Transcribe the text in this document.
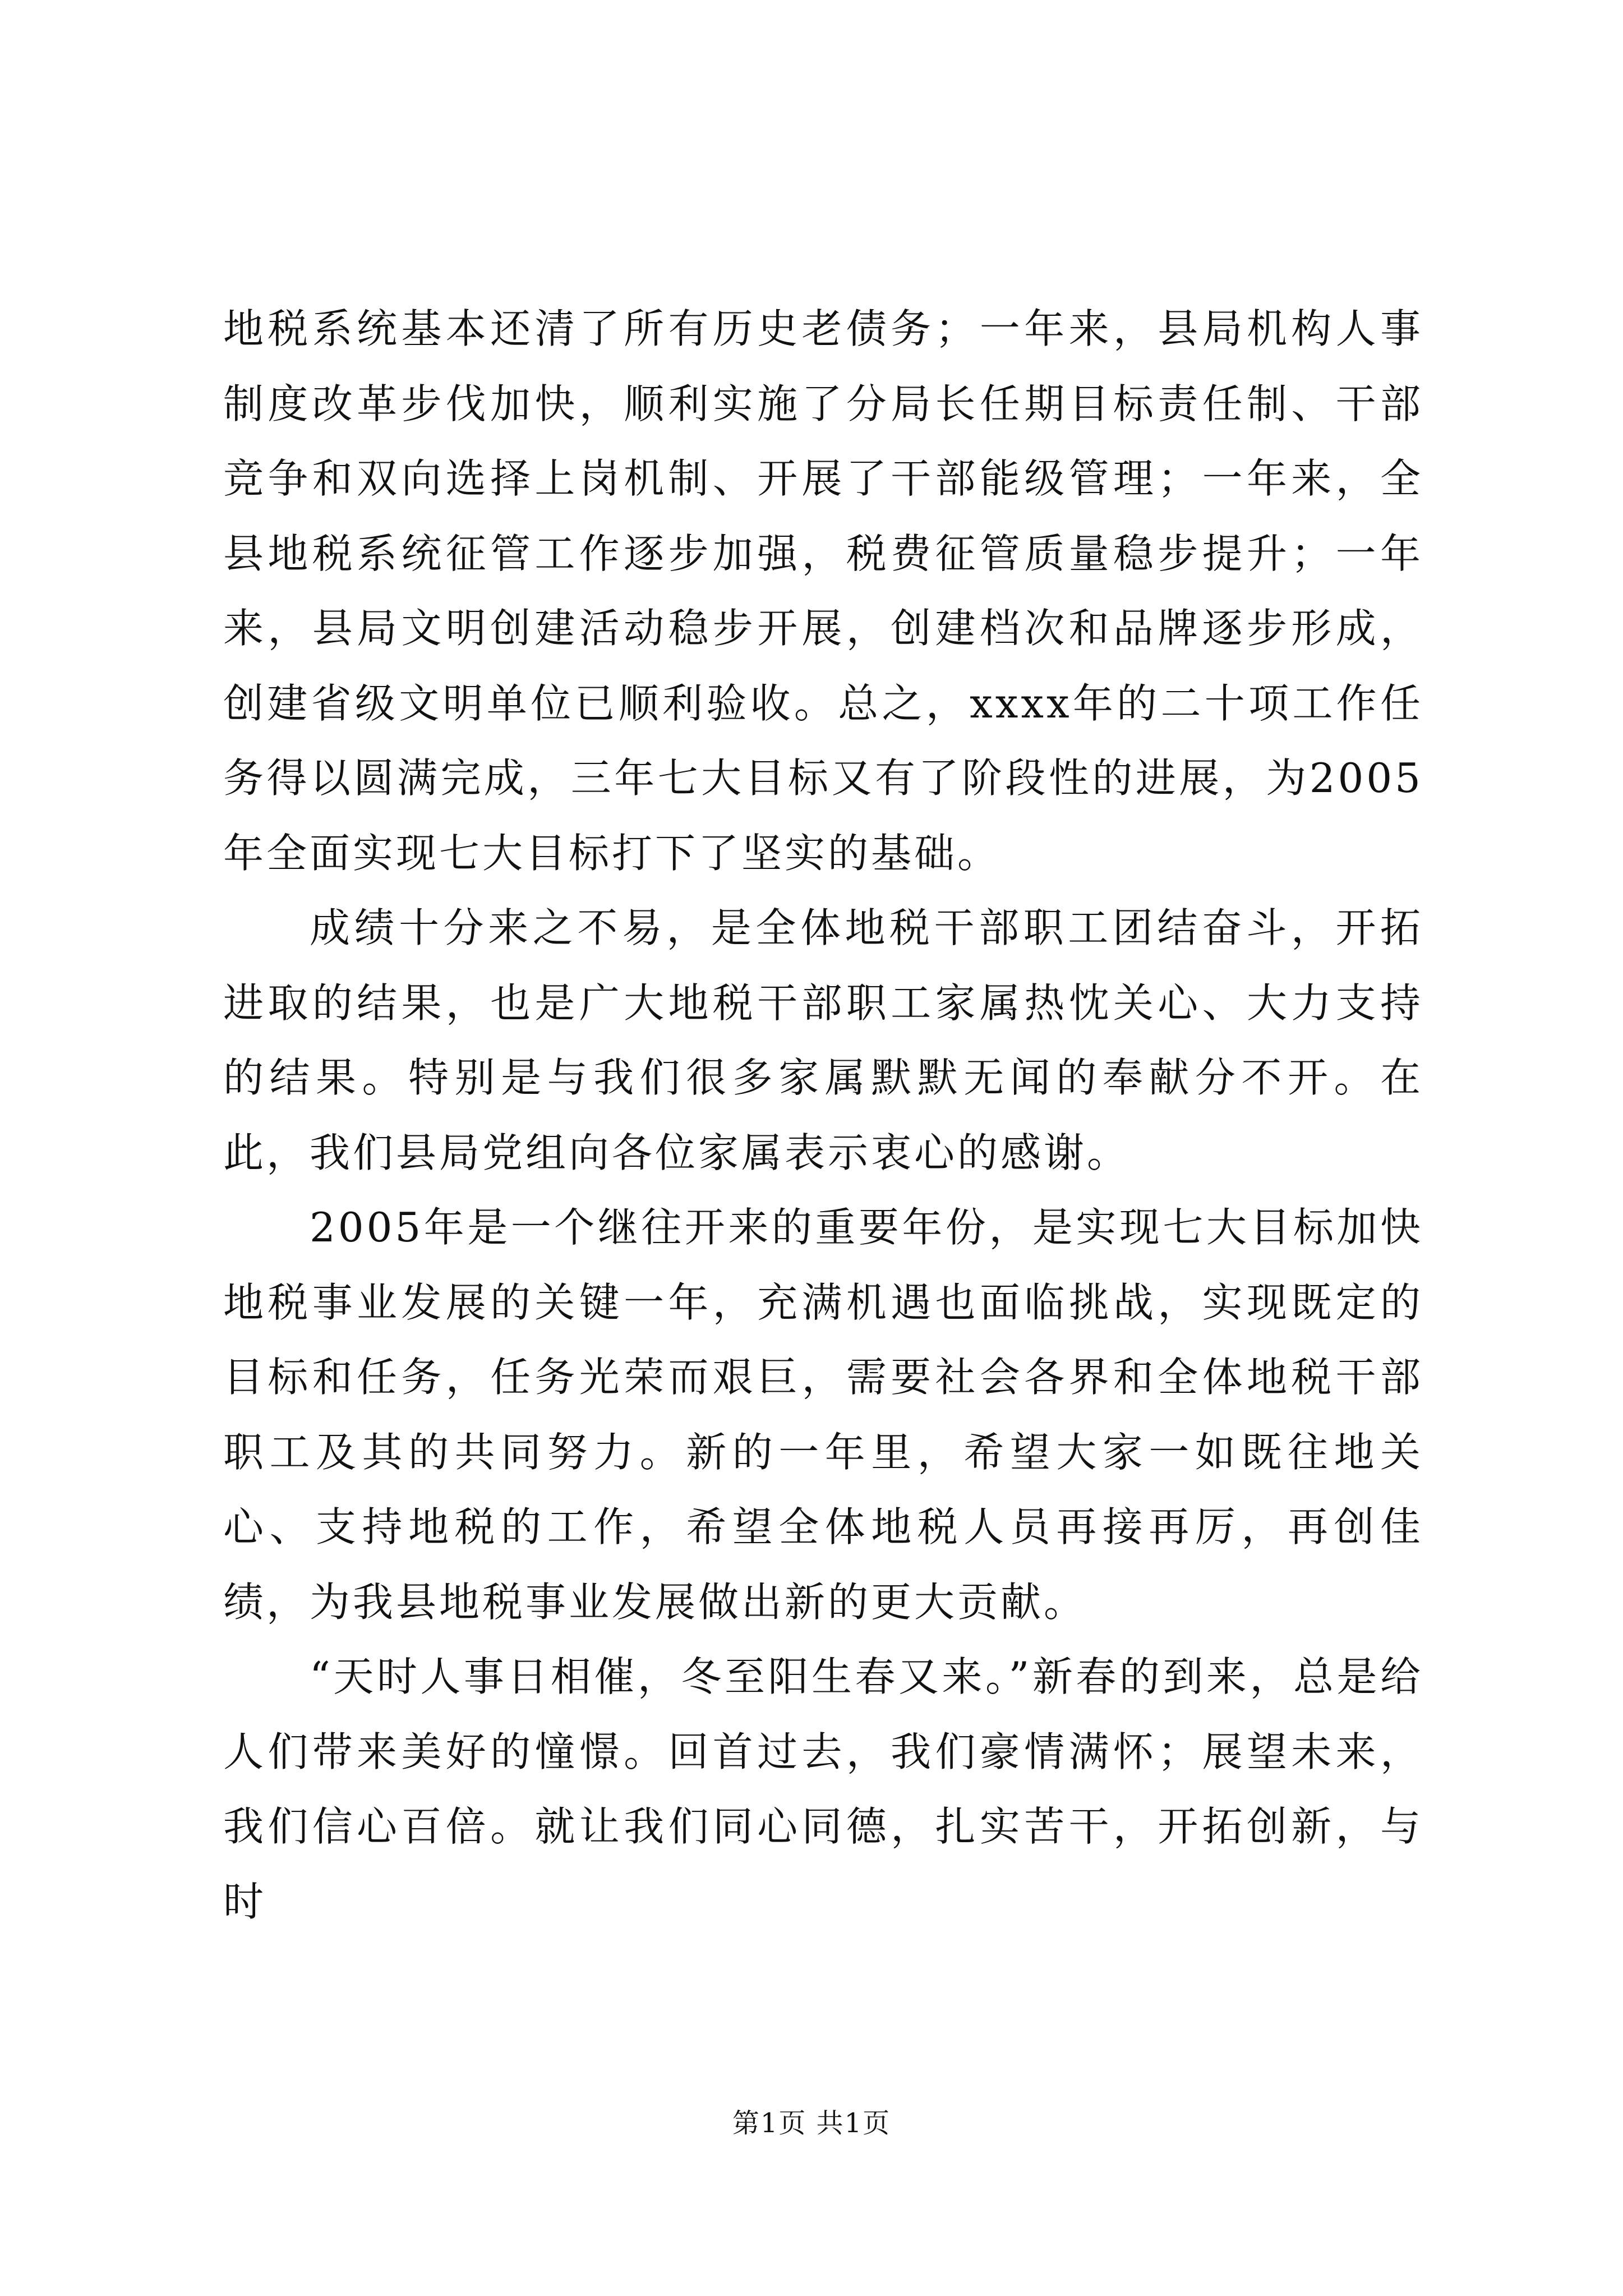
地税系统基本还清了所有历史老债务；一年来，县局机构人事制度改革步伐加快，顺利实施了分局长任期目标责任制、干部竞争和双向选择上岗机制、开展了干部能级管理；一年来，全县地税系统征管工作逐步加强，税费征管质量稳步提升；一年来，县局文明创建活动稳步开展，创建档次和品牌逐步形成，创建省级文明单位已顺利验收。总之，xxxx年的二十项工作任务得以圆满完成，三年七大目标又有了阶段性的进展，为2005年全面实现七大目标打下了坚实的基础。

成绩十分来之不易，是全体地税干部职工团结奋斗，开拓进取的结果，也是广大地税干部职工家属热忱关心、大力支持的结果。特别是与我们很多家属默默无闻的奉献分不开。在此，我们县局党组向各位家属表示衷心的感谢。

2005年是一个继往开来的重要年份，是实现七大目标加快地税事业发展的关键一年，充满机遇也面临挑战，实现既定的目标和任务，任务光荣而艰巨，需要社会各界和全体地税干部职工及其的共同努力。新的一年里，希望大家一如既往地关心、支持地税的工作，希望全体地税人员再接再厉，再创佳绩，为我县地税事业发展做出新的更大贡献。

“天时人事日相催，冬至阳生春又来。”新春的到来，总是给人们带来美好的憧憬。回首过去，我们豪情满怀；展望未来，我们信心百倍。就让我们同心同德，扎实苦干，开拓创新，与时

第1页 共1页
